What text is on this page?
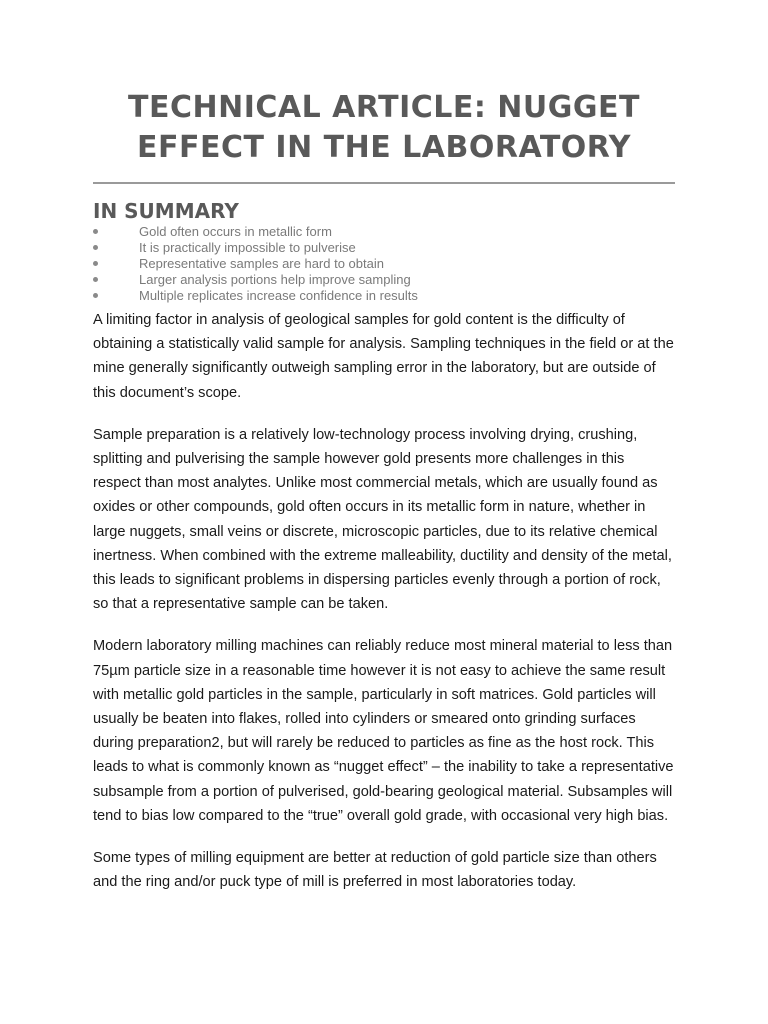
TECHNICAL ARTICLE: NUGGET
EFFECT IN THE LABORATORY
IN SUMMARY
Gold often occurs in metallic form
It is practically impossible to pulverise
Representative samples are hard to obtain
Larger analysis portions help improve sampling
Multiple replicates increase confidence in results

A limiting factor in analysis of geological samples for gold content is the difficulty of obtaining a statistically valid sample for analysis. Sampling techniques in the field or at the mine generally significantly outweigh sampling error in the laboratory, but are outside of this document’s scope.

Sample preparation is a relatively low-technology process involving drying, crushing, splitting and pulverising the sample however gold presents more challenges in this respect than most analytes. Unlike most commercial metals, which are usually found as oxides or other compounds, gold often occurs in its metallic form in nature, whether in large nuggets, small veins or discrete, microscopic particles, due to its relative chemical inertness. When combined with the extreme malleability, ductility and density of the metal, this leads to significant problems in dispersing particles evenly through a portion of rock, so that a representative sample can be taken.

Modern laboratory milling machines can reliably reduce most mineral material to less than 75µm particle size in a reasonable time however it is not easy to achieve the same result with metallic gold particles in the sample, particularly in soft matrices. Gold particles will usually be beaten into flakes, rolled into cylinders or smeared onto grinding surfaces during preparation2, but will rarely be reduced to particles as fine as the host rock. This leads to what is commonly known as “nugget effect” – the inability to take a representative subsample from a portion of pulverised, gold-bearing geological material. Subsamples will tend to bias low compared to the “true” overall gold grade, with occasional very high bias.

Some types of milling equipment are better at reduction of gold particle size than others and the ring and/or puck type of mill is preferred in most laboratories today.
